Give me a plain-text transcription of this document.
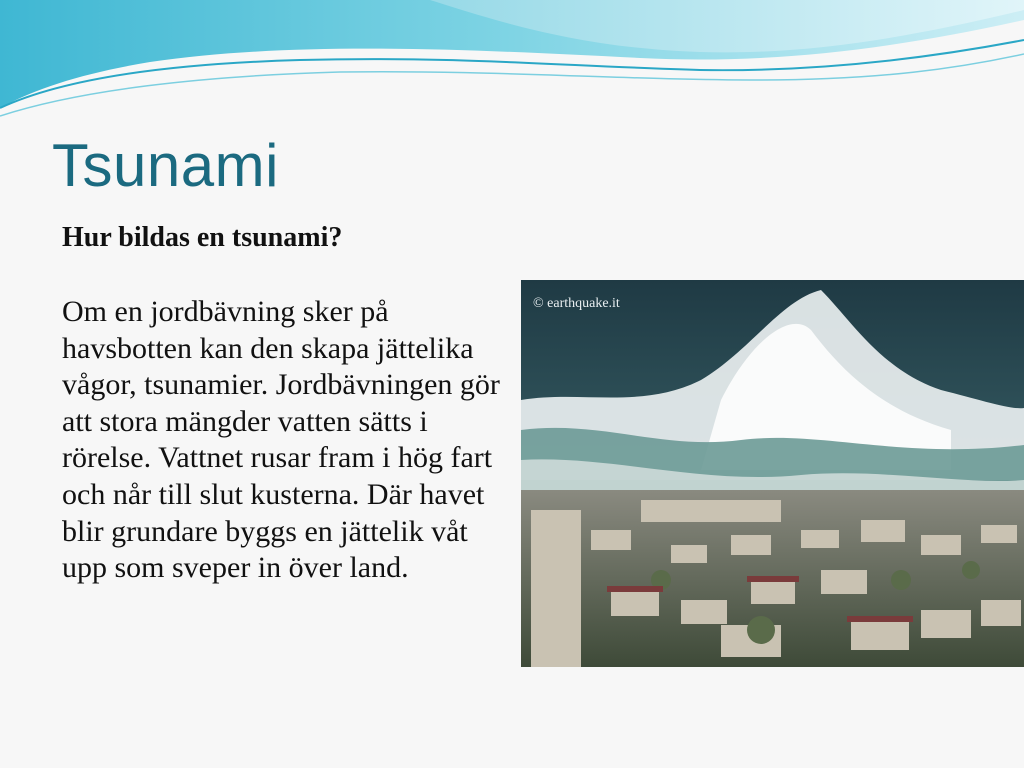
Tsunami

Hur bildas en tsunami?

Om en jordbävning sker på havsbotten kan den skapa jättelika vågor, tsunamier. Jordbävningen gör att stora mängder vatten sätts i rörelse. Vattnet rusar fram i hög fart och når till slut kusterna. Där havet blir grundare byggs en jättelik våt upp som sveper in över land.

© earthquake.it
